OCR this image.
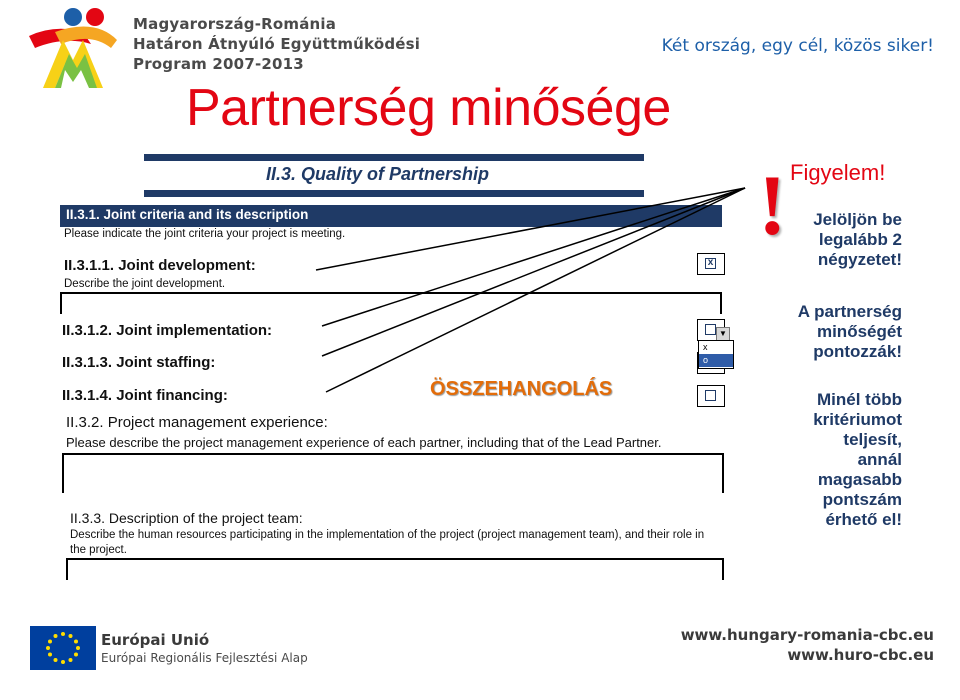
Magyarország-Románia
Határon Átnyúló Együttműködési
Program 2007-2013
Két ország, egy cél, közös siker!
Partnerség minősége
II.3. Quality of Partnership
II.3.1. Joint criteria and its description
Please indicate the joint criteria your project is meeting.
II.3.1.1. Joint development:
Describe the joint development.
II.3.1.2. Joint implementation:
II.3.1.3. Joint staffing:
II.3.1.4. Joint financing:
x
▼
x
o
ÖSSZEHANGOLÁS
II.3.2. Project management experience:
Please describe the project management experience of each partner, including that of the Lead Partner.
II.3.3. Description of the project team:
Describe the human resources participating in the implementation of the project (project management team), and their role in
the project.
! Figyelem!
Jelöljön be
legalább 2
négyzetet!
A partnerség
minőségét
pontozzák!
Minél több
kritériumot
teljesít,
annál
magasabb
pontszám
érhető el!
Európai Unió
Európai Regionális Fejlesztési Alap
www.hungary-romania-cbc.eu
www.huro-cbc.eu
